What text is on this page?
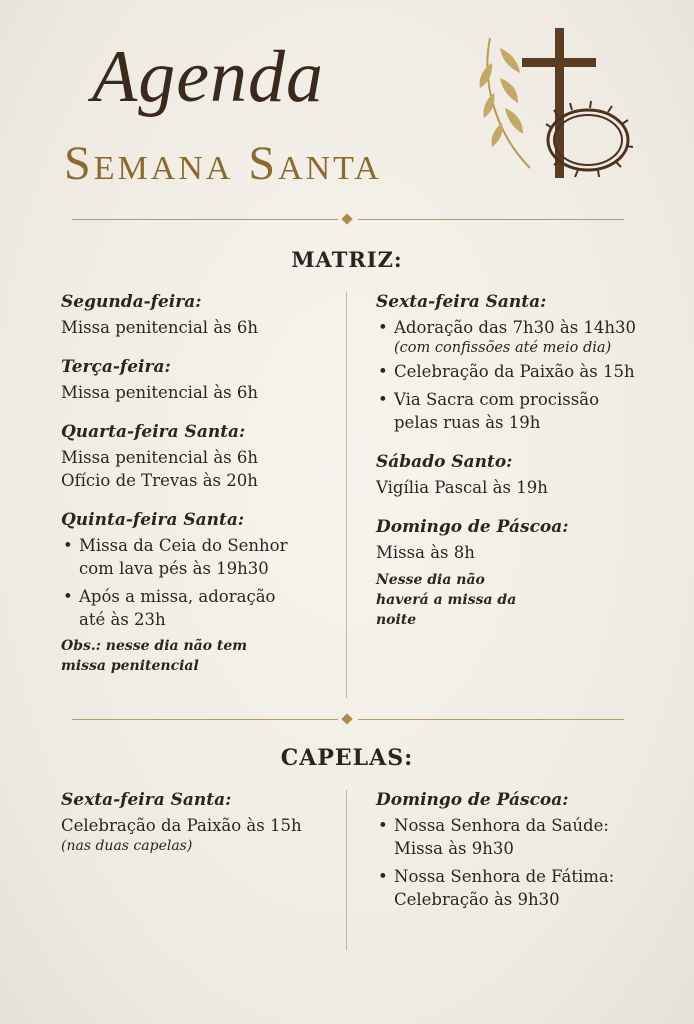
Agenda
Semana Santa
MATRIZ:
Segunda-feira:
Missa penitencial às 6h
Terça-feira:
Missa penitencial às 6h
Quarta-feira Santa:
Missa penitencial às 6h
Ofício de Trevas às 20h
Quinta-feira Santa:
• Missa da Ceia do Senhor com lava pés às 19h30
• Após a missa, adoração até às 23h
Obs.: nesse dia não tem missa penitencial
Sexta-feira Santa:
• Adoração das 7h30 às 14h30
(com confissões até meio dia)
• Celebração da Paixão às 15h
• Via Sacra com procissão pelas ruas às 19h
Sábado Santo:
Vigília Pascal às 19h
Domingo de Páscoa:
Missa às 8h
Nesse dia não haverá a missa da noite
CAPELAS:
Sexta-feira Santa:
Celebração da Paixão às 15h
(nas duas capelas)
Domingo de Páscoa:
• Nossa Senhora da Saúde: Missa às 9h30
• Nossa Senhora de Fátima: Celebração às 9h30
